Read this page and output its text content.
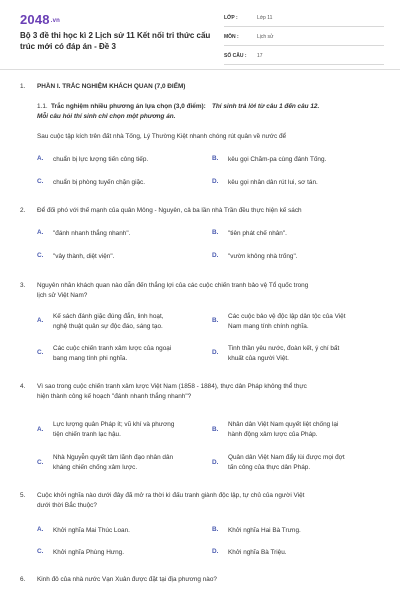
2048.vn
Bộ 3 đề thi học kì 2 Lịch sử 11 Kết nối tri thức cấu trúc mới có đáp án - Đề 3
LỚP :	Lớp 11
MÔN :	Lịch sử
SỐ CÂU : 17
1. PHẦN I. TRẮC NGHIỆM KHÁCH QUAN (7,0 ĐIỂM)
1.1. Trắc nghiệm nhiều phương án lựa chọn (3,0 điểm): Thí sinh trả lời từ câu 1 đến câu 12.
Mỗi câu hỏi thí sinh chỉ chọn một phương án.
Sau cuộc tập kích trên đất nhà Tống, Lý Thường Kiệt nhanh chóng rút quân về nước để
A. chuẩn bị lực lượng tiến công tiếp.	B. kêu gọi Chăm-pa cùng đánh Tống.
C. chuẩn bị phòng tuyến chặn giặc.	D. kêu gọi nhân dân rút lui, sơ tán.
2. Để đối phó với thế mạnh của quân Mông - Nguyên, cả ba lần nhà Trần đều thực hiện kế sách
A. "đánh nhanh thắng nhanh".	B. "tiên phát chế nhân".
C. "vây thành, diệt viện".	D. "vườn không nhà trống".
3. Nguyên nhân khách quan nào dẫn đến thắng lợi của các cuộc chiến tranh bảo vệ Tổ quốc trong
lịch sử Việt Nam?
A.
Kế sách đánh giặc đúng đắn, linh hoạt,
nghệ thuật quân sự độc đáo, sáng tạo.
B.
Các cuộc bảo vệ độc lập dân tộc của Việt
Nam mang tính chính nghĩa.
C.
Các cuộc chiến tranh xâm lược của ngoại
bang mang tính phi nghĩa.
D.
Tinh thần yêu nước, đoàn kết, ý chí bất
khuất của người Việt.
4. Vì sao trong cuộc chiến tranh xâm lược Việt Nam (1858 - 1884), thực dân Pháp không thể thực
hiện thành công kế hoạch "đánh nhanh thắng nhanh"?
A.
Lực lượng quân Pháp ít; vũ khí và phương
tiện chiến tranh lạc hậu.
B.
Nhân dân Việt Nam quyết liệt chống lại
hành động xâm lược của Pháp.
C.
Nhà Nguyễn quyết tâm lãnh đạo nhân dân
kháng chiến chống xâm lược.
D.
Quân dân Việt Nam đẩy lùi được mọi đợt
tấn công của thực dân Pháp.
5. Cuộc khởi nghĩa nào dưới đây đã mở ra thời kì đấu tranh giành độc lập, tự chủ của người Việt
dưới thời Bắc thuộc?
A. Khởi nghĩa Mai Thúc Loan.	B. Khởi nghĩa Hai Bà Trưng.
C. Khởi nghĩa Phùng Hưng.	D. Khởi nghĩa Bà Triệu.
6. Kinh đô của nhà nước Vạn Xuân được đặt tại địa phương nào?
